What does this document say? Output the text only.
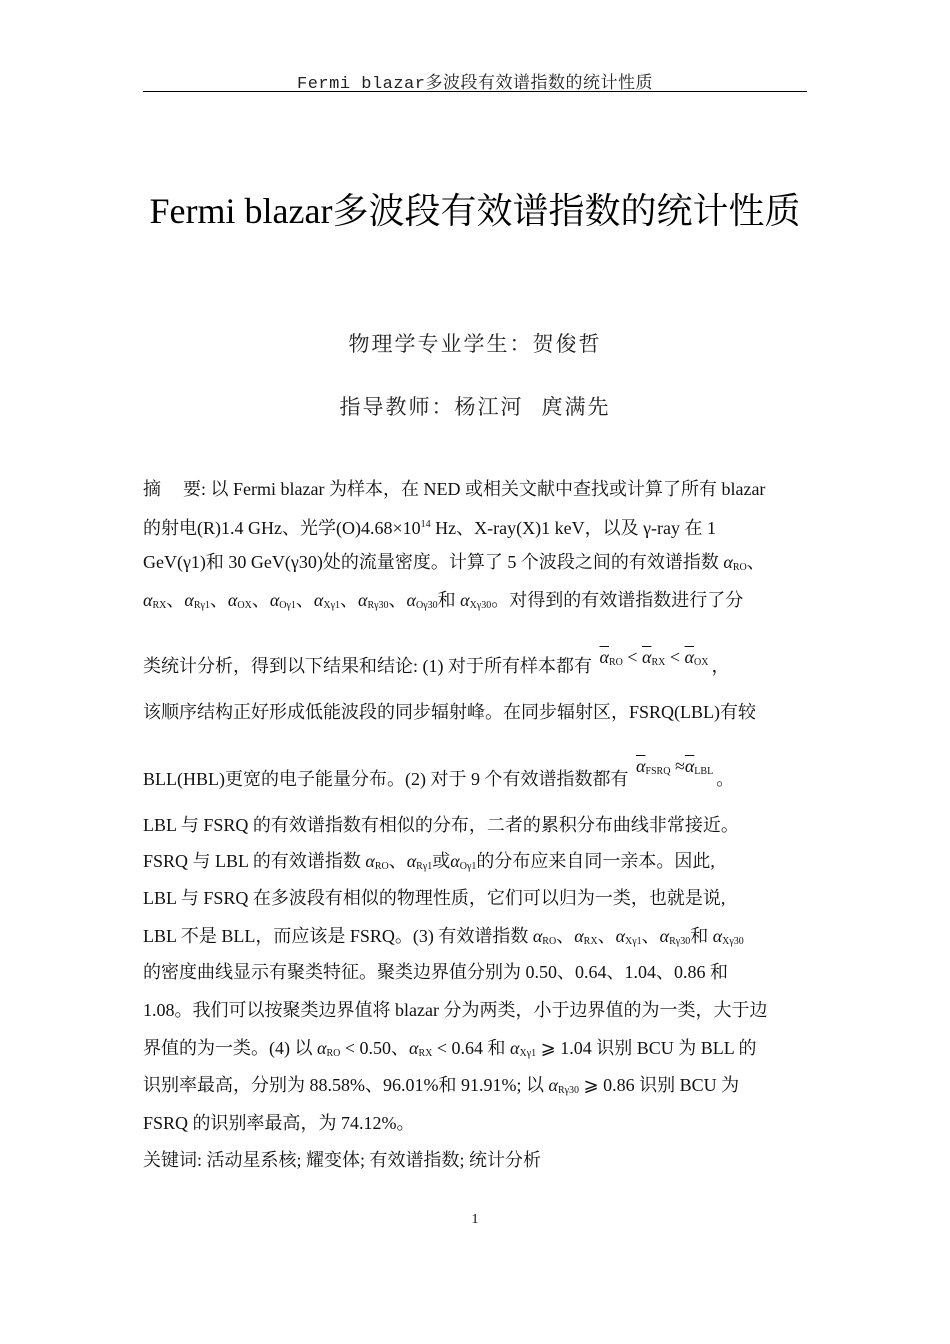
Fermi blazar多波段有效谱指数的统计性质
Fermi blazar多波段有效谱指数的统计性质
物理学专业学生：贺俊哲
指导教师：杨江河 庹满先
摘 要: 以 Fermi blazar 为样本，在 NED 或相关文献中查找或计算了所有 blazar
的射电(R)1.4 GHz、光学$(O)4.68\times 10^{14}$ Hz、X-ray(X)1 keV，以及 γ-ray 在 1
GeV(γ1)和 30 GeV(γ30)处的流量密度。计算了 5 个波段之间的有效谱指数 $\alpha_{RO}$、
$\alpha_{RX}$、$\alpha_{R\gamma 1}$、$\alpha_{OX}$、$\alpha_{O\gamma 1}$、$\alpha_{X\gamma 1}$、$\alpha_{R\gamma 30}$、$\alpha_{O\gamma 30}$和 $\alpha_{X\gamma 30}$。对得到的有效谱指数进行了分
类统计分析，得到以下结果和结论: (1) 对于所有样本都有 $\overline{\alpha}_{RO} < \overline{\alpha}_{RX} < \overline{\alpha}_{OX}$ ，
该顺序结构正好形成低能波段的同步辐射峰。在同步辐射区，FSRQ(LBL)有较
BLL(HBL)更宽的电子能量分布。(2) 对于 9 个有效谱指数都有 $\overline{\alpha}_{FSRQ} \approx\overline{\alpha}_{LBL}$ 。
LBL 与 FSRQ 的有效谱指数有相似的分布，二者的累积分布曲线非常接近。
FSRQ 与 LBL 的有效谱指数 $\alpha_{RO}$、$\alpha_{R\gamma 1}$或$\alpha_{O\gamma 1}$的分布应来自同一亲本。因此,
LBL 与 FSRQ 在多波段有相似的物理性质，它们可以归为一类，也就是说,
LBL 不是 BLL，而应该是 FSRQ。(3) 有效谱指数 $\alpha_{RO}$、$\alpha_{RX}$、$\alpha_{X\gamma 1}$、$\alpha_{R\gamma 30}$和 $\alpha_{X\gamma 30}$
的密度曲线显示有聚类特征。聚类边界值分别为 0.50、0.64、1.04、0.86 和
1.08。我们可以按聚类边界值将 blazar 分为两类，小于边界值的为一类，大于边
界值的为一类。(4) 以 $\alpha_{RO} < 0.50$、$\alpha_{RX} < 0.64$ 和 $\alpha_{X\gamma 1}$ ⩾ 1.04 识别 BCU 为 BLL 的
识别率最高，分别为 88.58%、96.01%和 91.91%; 以 $\alpha_{R\gamma 30}$ ⩾ 0.86 识别 BCU 为
FSRQ 的识别率最高，为 74.12%。
关键词: 活动星系核; 耀变体; 有效谱指数; 统计分析
1
